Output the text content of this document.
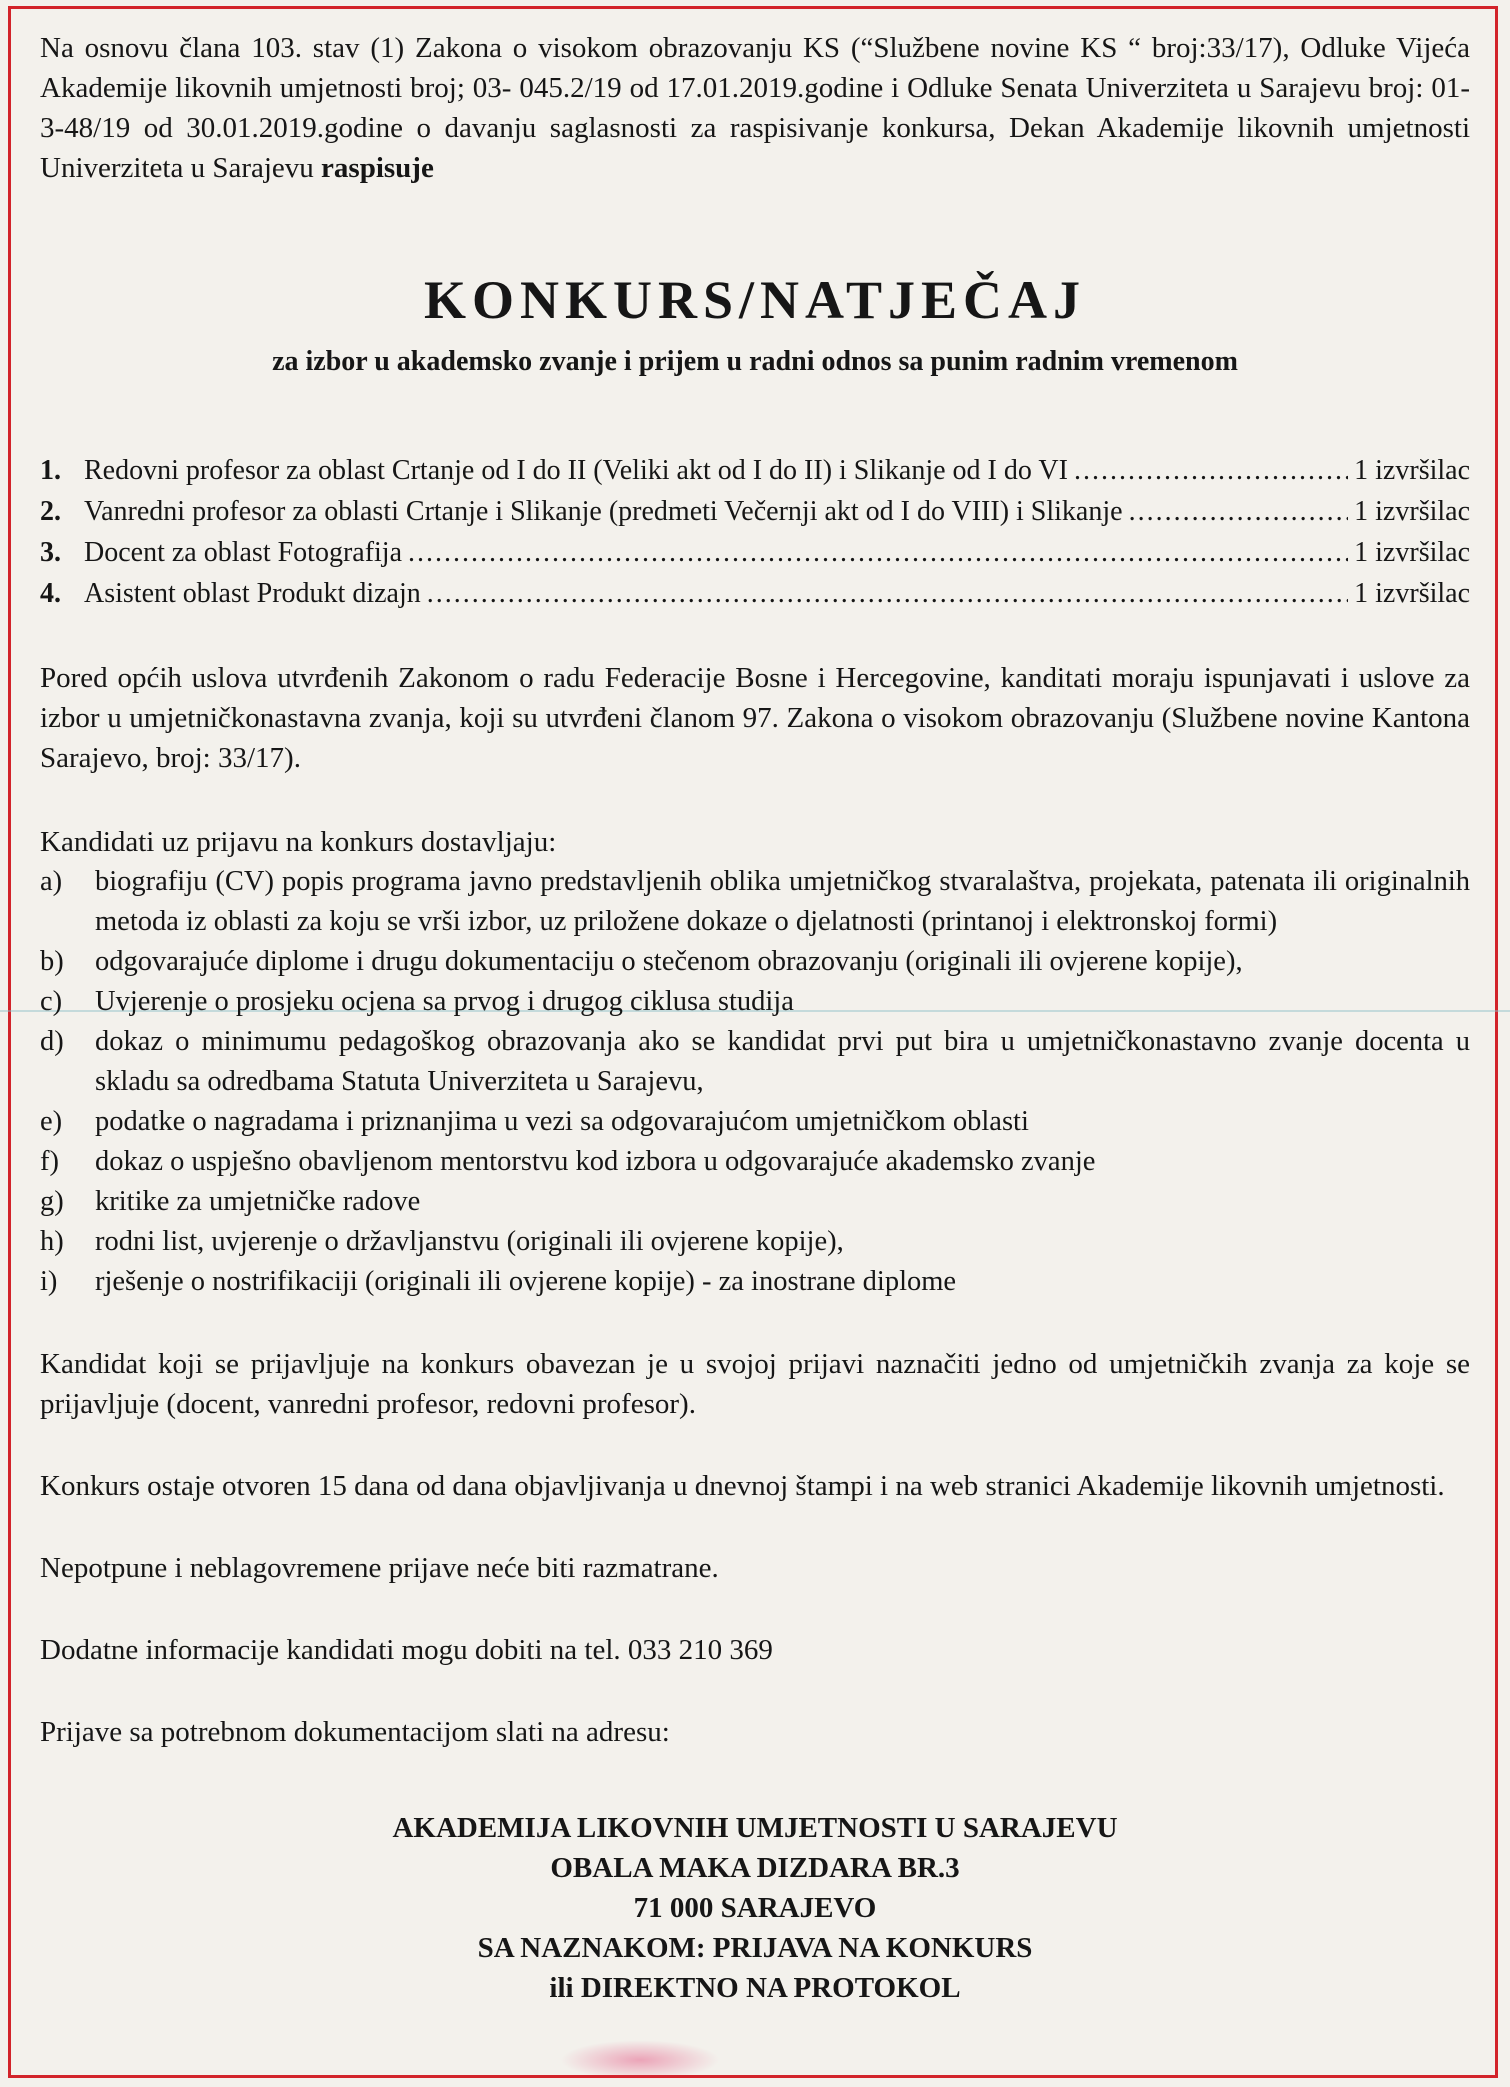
Na osnovu člana 103. stav (1) Zakona o visokom obrazovanju KS (“Službene novine KS “ broj:33/17), Odluke Vijeća Akademije likovnih umjetnosti broj; 03- 045.2/19 od 17.01.2019.godine i Odluke Senata Univerziteta u Sarajevu broj: 01-3-48/19 od 30.01.2019.godine o davanju saglasnosti za raspisivanje konkursa, Dekan Akademije likovnih umjetnosti Univerziteta u Sarajevu raspisuje

KONKURS/NATJEČAJ

za izbor u akademsko zvanje i prijem u radni odnos sa punim radnim vremenom

1. Redovni profesor za oblast Crtanje od I do II (Veliki akt od I do II) i Slikanje od I do VI .....	1 izvršilac
2. Vanredni profesor za oblasti Crtanje i Slikanje (predmeti Večernji akt od I do VIII) i Slikanje .....	1 izvršilac
3. Docent za oblast Fotografija .....	1 izvršilac
4. Asistent oblast Produkt dizajn .....	1 izvršilac

Pored općih uslova utvrđenih Zakonom o radu Federacije Bosne i Hercegovine, kanditati moraju ispunjavati i uslove za izbor u umjetničkonastavna zvanja, koji su utvrđeni članom 97. Zakona o visokom obrazovanju (Službene novine Kantona Sarajevo, broj: 33/17).

Kandidati uz prijavu na konkurs dostavljaju:

a)	biografiju (CV) popis programa javno predstavljenih oblika umjetničkog stvaralaštva, projekata, patenata ili originalnih metoda iz oblasti za koju se vrši izbor, uz priložene dokaze o djelatnosti (printanoj i elektronskoj formi)
b)	odgovarajuće diplome i drugu dokumentaciju o stečenom obrazovanju (originali ili ovjerene kopije),
c)	Uvjerenje o prosjeku ocjena sa prvog i drugog ciklusa studija
d)	dokaz o minimumu pedagoškog obrazovanja ako se kandidat prvi put bira u umjetničkonastavno zvanje docenta u skladu sa odredbama Statuta Univerziteta u Sarajevu,
e)	podatke o nagradama i priznanjima u vezi sa odgovarajućom umjetničkom oblasti
f)	dokaz o uspješno obavljenom mentorstvu kod izbora u odgovarajuće akademsko zvanje
g)	kritike za umjetničke radove
h)	rodni list, uvjerenje o državljanstvu (originali ili ovjerene kopije),
i)	rješenje o nostrifikaciji (originali ili ovjerene kopije) - za inostrane diplome

Kandidat koji se prijavljuje na konkurs obavezan je u svojoj prijavi naznačiti jedno od umjetničkih zvanja za koje se prijavljuje (docent, vanredni profesor, redovni profesor).

Konkurs ostaje otvoren 15 dana od dana objavljivanja u dnevnoj štampi i na web stranici Akademije likovnih umjetnosti.

Nepotpune i neblagovremene prijave neće biti razmatrane.

Dodatne informacije kandidati mogu dobiti na tel. 033 210 369

Prijave sa potrebnom dokumentacijom slati na adresu:

AKADEMIJA LIKOVNIH UMJETNOSTI U SARAJEVU

OBALA MAKA DIZDARA BR.3

71 000 SARAJEVO

SA NAZNAKOM: PRIJAVA NA KONKURS

ili DIREKTNO NA PROTOKOL
